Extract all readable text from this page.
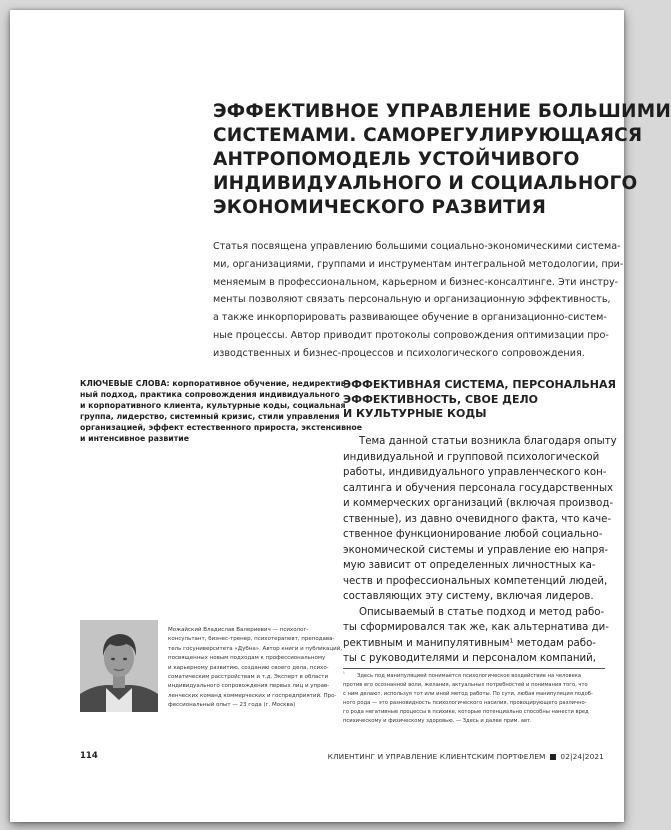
ЭФФЕКТИВНОЕ УПРАВЛЕНИЕ БОЛЬШИМИ
СИСТЕМАМИ. САМОРЕГУЛИРУЮЩАЯСЯ
АНТРОПОМОДЕЛЬ УСТОЙЧИВОГО
ИНДИВИДУАЛЬНОГО И СОЦИАЛЬНОГО
ЭКОНОМИЧЕСКОГО РАЗВИТИЯ
Статья посвящена управлению большими социально-экономическими система-
ми, организациями, группами и инструментам интегральной методологии, при-
меняемым в профессиональном, карьерном и бизнес-консалтинге. Эти инстру-
менты позволяют связать персональную и организационную эффективность,
а также инкорпорировать развивающее обучение в организационно-систем-
ные процессы. Автор приводит протоколы сопровождения оптимизации про-
изводственных и бизнес-процессов и психологического сопровождения.
КЛЮЧЕВЫЕ СЛОВА: корпоративное обучение, недиректив-
ный подход, практика сопровождения индивидуального
и корпоративного клиента, культурные коды, социальная
группа, лидерство, системный кризис, стили управления
организацией, эффект естественного прироста, экстенсивное
и интенсивное развитие
ЭФФЕКТИВНАЯ СИСТЕМА, ПЕРСОНАЛЬНАЯ
ЭФФЕКТИВНОСТЬ, СВОЕ ДЕЛО
И КУЛЬТУРНЫЕ КОДЫ
Тема данной статьи возникла благодаря опыту
индивидуальной и групповой психологической
работы, индивидуального управленческого кон-
салтинга и обучения персонала государственных
и коммерческих организаций (включая производ-
ственные), из давно очевидного факта, что каче-
ственное функционирование любой социально-
экономической системы и управление ею напря-
мую зависит от определенных личностных ка-
честв и профессиональных компетенций людей,
составляющих эту систему, включая лидеров.
Описываемый в статье подход и метод рабо-
ты сформировался так же, как альтернатива ди-
рективным и манипулятивным¹ методам рабо-
ты с руководителями и персоналом компаний,
¹ Здесь под манипуляцией понимается психологическое воздействие на человека
против его осознанной воли, желания, актуальных потребностей и понимания того, что
с ним делают, используя тот или иной метод работы. По сути, любая манипуляция подоб-
ного рода — это разновидность психологического насилия, провоцирующего различно-
го рода негативные процессы в психике, которые потенциально способны нанести вред
психическому и физическому здоровью. — Здесь и далее прим. авт.
Можайский Владислав Валериевич — психолог-
консультант, бизнес-тренер, психотерапевт, преподава-
тель госуниверситета «Дубна». Автор книги и публикаций,
посвященных новым подходам к профессиональному
и карьерному развитию, созданию своего дела, психо-
соматическим расстройствам и т.д. Эксперт в области
индивидуального сопровождения первых лиц и управ-
ленческих команд коммерческих и госпредприятий. Про-
фессиональный опыт — 23 года (г. Москва)
114	КЛИЕНТИНГ И УПРАВЛЕНИЕ КЛИЕНТСКИМ ПОРТФЕЛЕМ 02|24|2021
